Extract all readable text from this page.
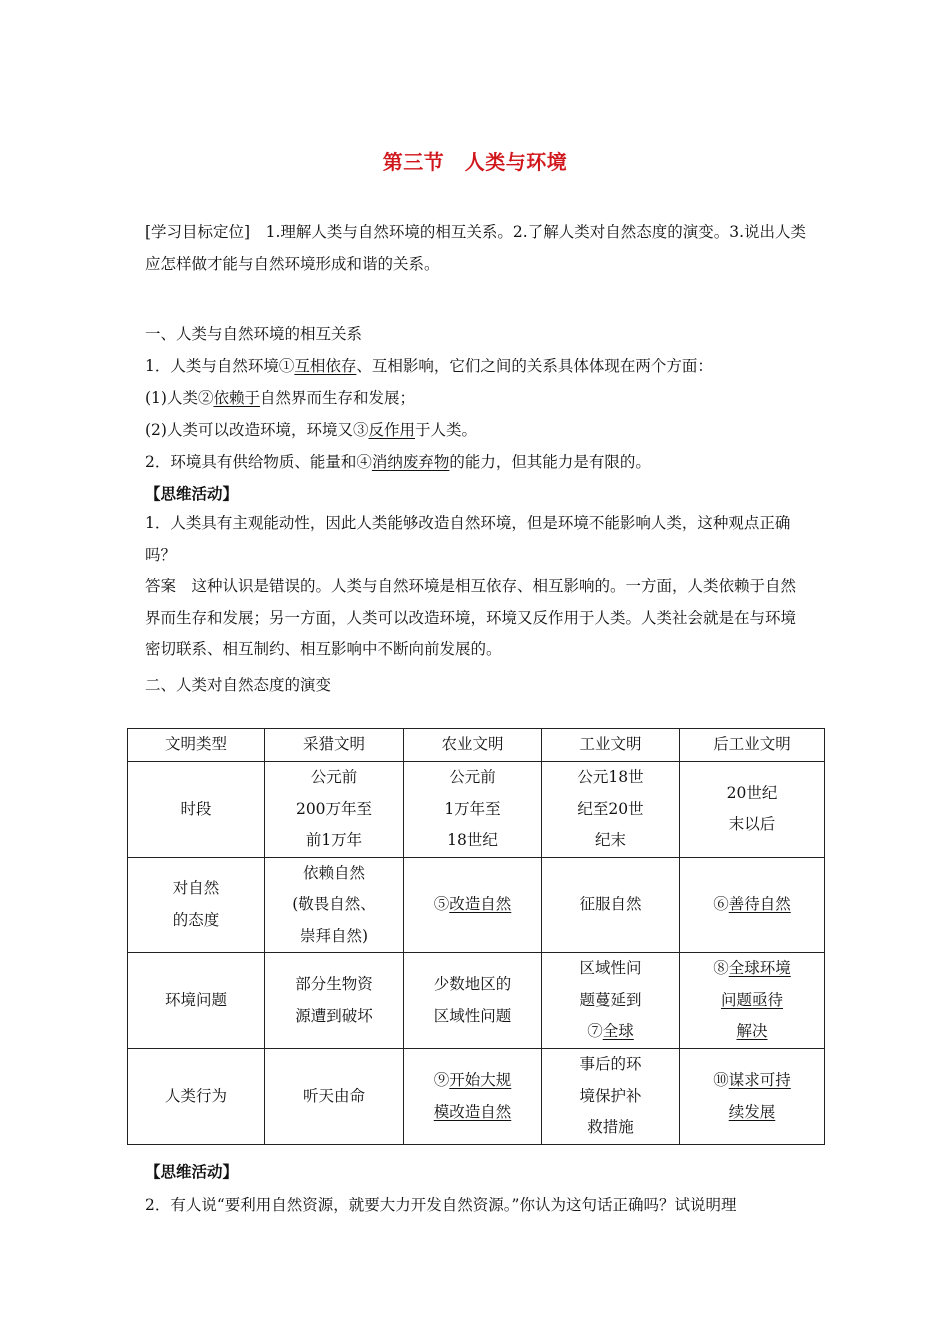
第三节　人类与环境
[学习目标定位]　 1.理解人类与自然环境的相互关系。2.了解人类对自然态度的演变。3.说出人类应怎样做才能与自然环境形成和谐的关系。
一、人类与自然环境的相互关系
1．人类与自然环境①互相依存、互相影响，它们之间的关系具体体现在两个方面：
(1)人类②依赖于自然界而生存和发展；
(2)人类可以改造环境，环境又③反作用于人类。
2．环境具有供给物质、能量和④消纳废弃物的能力，但其能力是有限的。
【思维活动】
1．人类具有主观能动性，因此人类能够改造自然环境，但是环境不能影响人类，这种观点正确吗？
答案　这种认识是错误的。人类与自然环境是相互依存、相互影响的。一方面，人类依赖于自然界而生存和发展；另一方面，人类可以改造环境，环境又反作用于人类。人类社会就是在与环境密切联系、相互制约、相互影响中不断向前发展的。
二、人类对自然态度的演变
文明类型	采猎文明	农业文明	工业文明	后工业文明
时段	公元前
200万年至
前1万年	公元前
1万年至
18世纪	公元18世
纪至20世
纪末	20世纪
末以后
对自然
的态度	依赖自然
(敬畏自然、
崇拜自然)	⑤改造自然	征服自然	⑥善待自然
环境问题	部分生物资
源遭到破坏	少数地区的
区域性问题	区域性问
题蔓延到
⑦全球	⑧全球环境
问题亟待
解决
人类行为	听天由命	⑨开始大规
模改造自然	事后的环
境保护补
救措施	⑩谋求可持
续发展
【思维活动】
2．有人说“要利用自然资源，就要大力开发自然资源。”你认为这句话正确吗？试说明理
